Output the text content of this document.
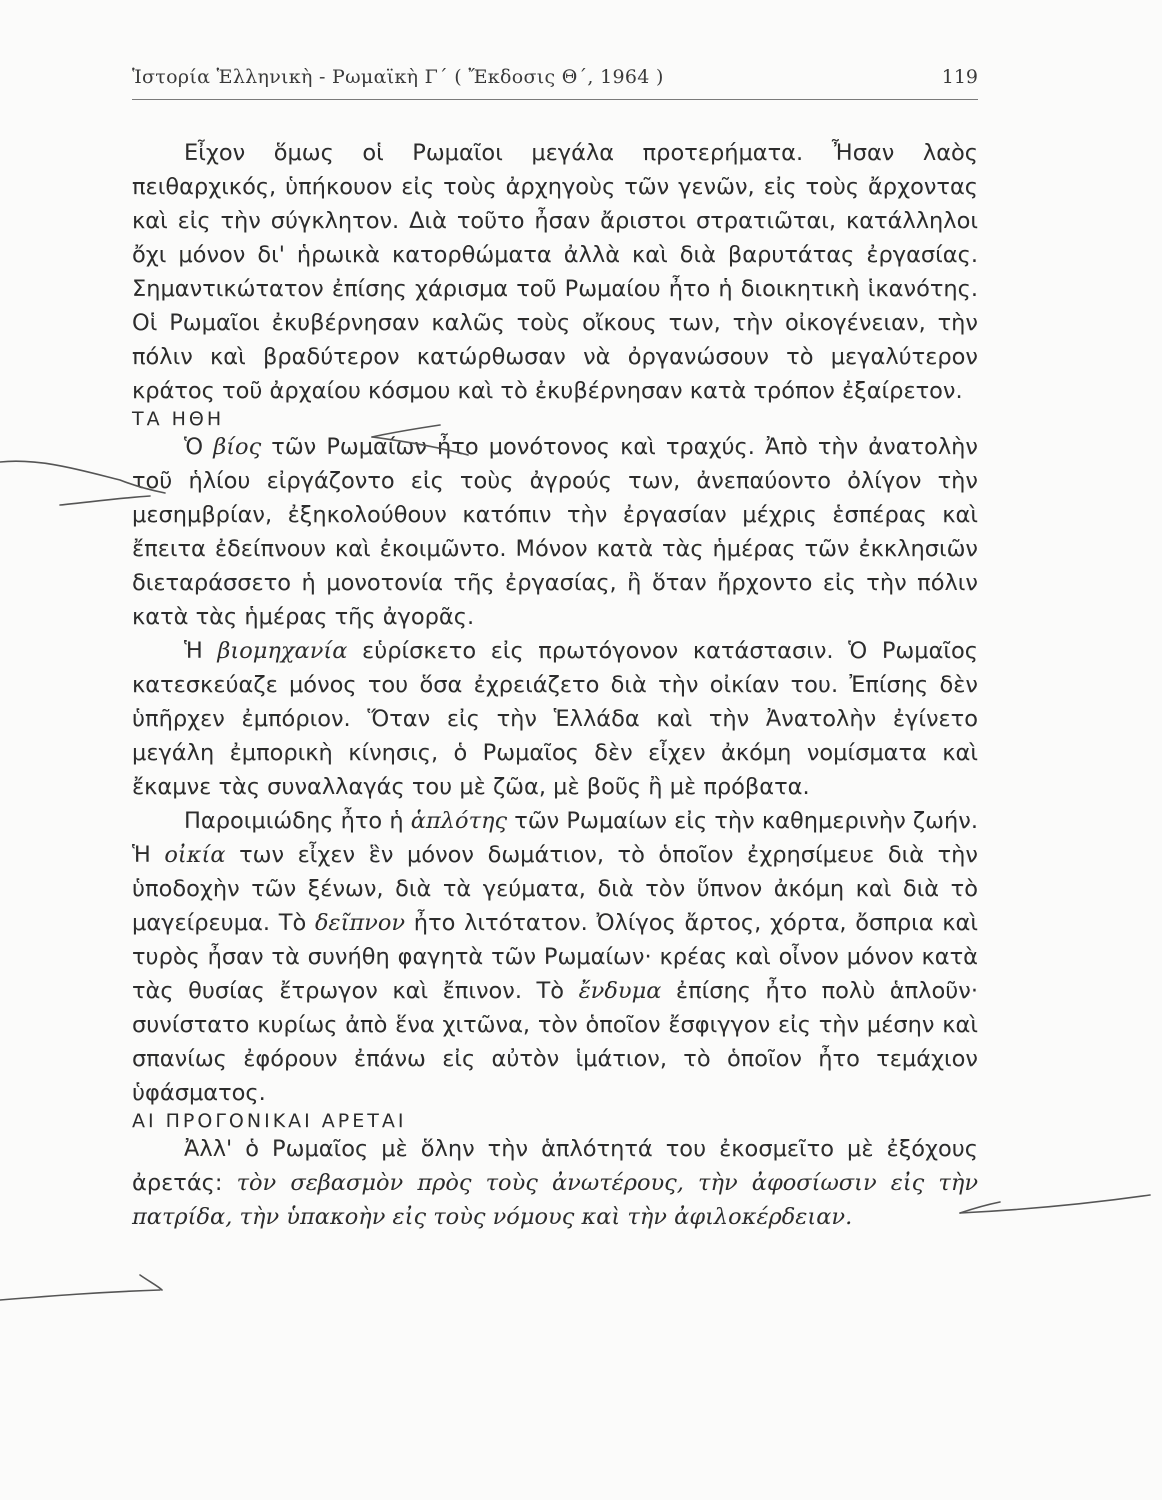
Ἱστορία Ἑλληνικὴ - Ρωμαϊκὴ Γ΄ ( Ἔκδοσις Θ΄, 1964 )	119

Εἶχον ὅμως οἱ Ρωμαῖοι μεγάλα προτερήματα. Ἦσαν λαὸς πειθαρχικός, ὑπήκουον εἰς τοὺς ἀρχηγοὺς τῶν γενῶν, εἰς τοὺς ἄρχοντας καὶ εἰς τὴν σύγκλητον. Διὰ τοῦτο ἦσαν ἄριστοι στρατιῶται, κατάλληλοι ὄχι μόνον δι' ἡρωικὰ κατορθώματα ἀλλὰ καὶ διὰ βαρυτάτας ἐργασίας. Σημαντικώτατον ἐπίσης χάρισμα τοῦ Ρωμαίου ἦτο ἡ διοικητικὴ ἱκανότης. Οἱ Ρωμαῖοι ἐκυβέρνησαν καλῶς τοὺς οἴκους των, τὴν οἰκογένειαν, τὴν πόλιν καὶ βραδύτερον κατώρθωσαν νὰ ὀργανώσουν τὸ μεγαλύτερον κράτος τοῦ ἀρχαίου κόσμου καὶ τὸ ἐκυβέρνησαν κατὰ τρόπον ἐξαίρετον.

ΤΑ ΗΘΗ

Ὁ βίος τῶν Ρωμαίων ἦτο μονότονος καὶ τραχύς. Ἀπὸ τὴν ἀνατολὴν τοῦ ἡλίου εἰργάζοντο εἰς τοὺς ἀγρούς των, ἀνεπαύοντο ὀλίγον τὴν μεσημβρίαν, ἐξηκολούθουν κατόπιν τὴν ἐργασίαν μέχρις ἑσπέρας καὶ ἔπειτα ἐδείπνουν καὶ ἐκοιμῶντο. Μόνον κατὰ τὰς ἡμέρας τῶν ἐκκλησιῶν διεταράσσετο ἡ μονοτονία τῆς ἐργασίας, ἢ ὅταν ἤρχοντο εἰς τὴν πόλιν κατὰ τὰς ἡμέρας τῆς ἀγορᾶς.

Ἡ βιομηχανία εὑρίσκετο εἰς πρωτόγονον κατάστασιν. Ὁ Ρωμαῖος κατεσκεύαζε μόνος του ὅσα ἐχρειάζετο διὰ τὴν οἰκίαν του. Ἐπίσης δὲν ὑπῆρχεν ἐμπόριον. Ὅταν εἰς τὴν Ἑλλάδα καὶ τὴν Ἀνατολὴν ἐγίνετο μεγάλη ἐμπορικὴ κίνησις, ὁ Ρωμαῖος δὲν εἶχεν ἀκόμη νομίσματα καὶ ἔκαμνε τὰς συναλλαγάς του μὲ ζῶα, μὲ βοῦς ἢ μὲ πρόβατα.

Παροιμιώδης ἦτο ἡ ἁπλότης τῶν Ρωμαίων εἰς τὴν καθημερινὴν ζωήν. Ἡ οἰκία των εἶχεν ἓν μόνον δωμάτιον, τὸ ὁποῖον ἐχρησίμευε διὰ τὴν ὑποδοχὴν τῶν ξένων, διὰ τὰ γεύματα, διὰ τὸν ὕπνον ἀκόμη καὶ διὰ τὸ μαγείρευμα. Τὸ δεῖπνον ἦτο λιτότατον. Ὀλίγος ἄρτος, χόρτα, ὄσπρια καὶ τυρὸς ἦσαν τὰ συνήθη φαγητὰ τῶν Ρωμαίων· κρέας καὶ οἶνον μόνον κατὰ τὰς θυσίας ἔτρωγον καὶ ἔπινον. Τὸ ἔνδυμα ἐπίσης ἦτο πολὺ ἁπλοῦν· συνίστατο κυρίως ἀπὸ ἕνα χιτῶνα, τὸν ὁποῖον ἔσφιγγον εἰς τὴν μέσην καὶ σπανίως ἐφόρουν ἐπάνω εἰς αὐτὸν ἱμάτιον, τὸ ὁποῖον ἦτο τεμάχιον ὑφάσματος.

ΑΙ ΠΡΟΓΟΝΙΚΑΙ ΑΡΕΤΑΙ

Ἀλλ' ὁ Ρωμαῖος μὲ ὅλην τὴν ἁπλότητά του ἐκοσμεῖτο μὲ ἐξόχους ἀρετάς: τὸν σεβασμὸν πρὸς τοὺς ἀνωτέρους, τὴν ἀφοσίωσιν εἰς τὴν πατρίδα, τὴν ὑπακοὴν εἰς τοὺς νόμους καὶ τὴν ἀφιλοκέρδειαν.
